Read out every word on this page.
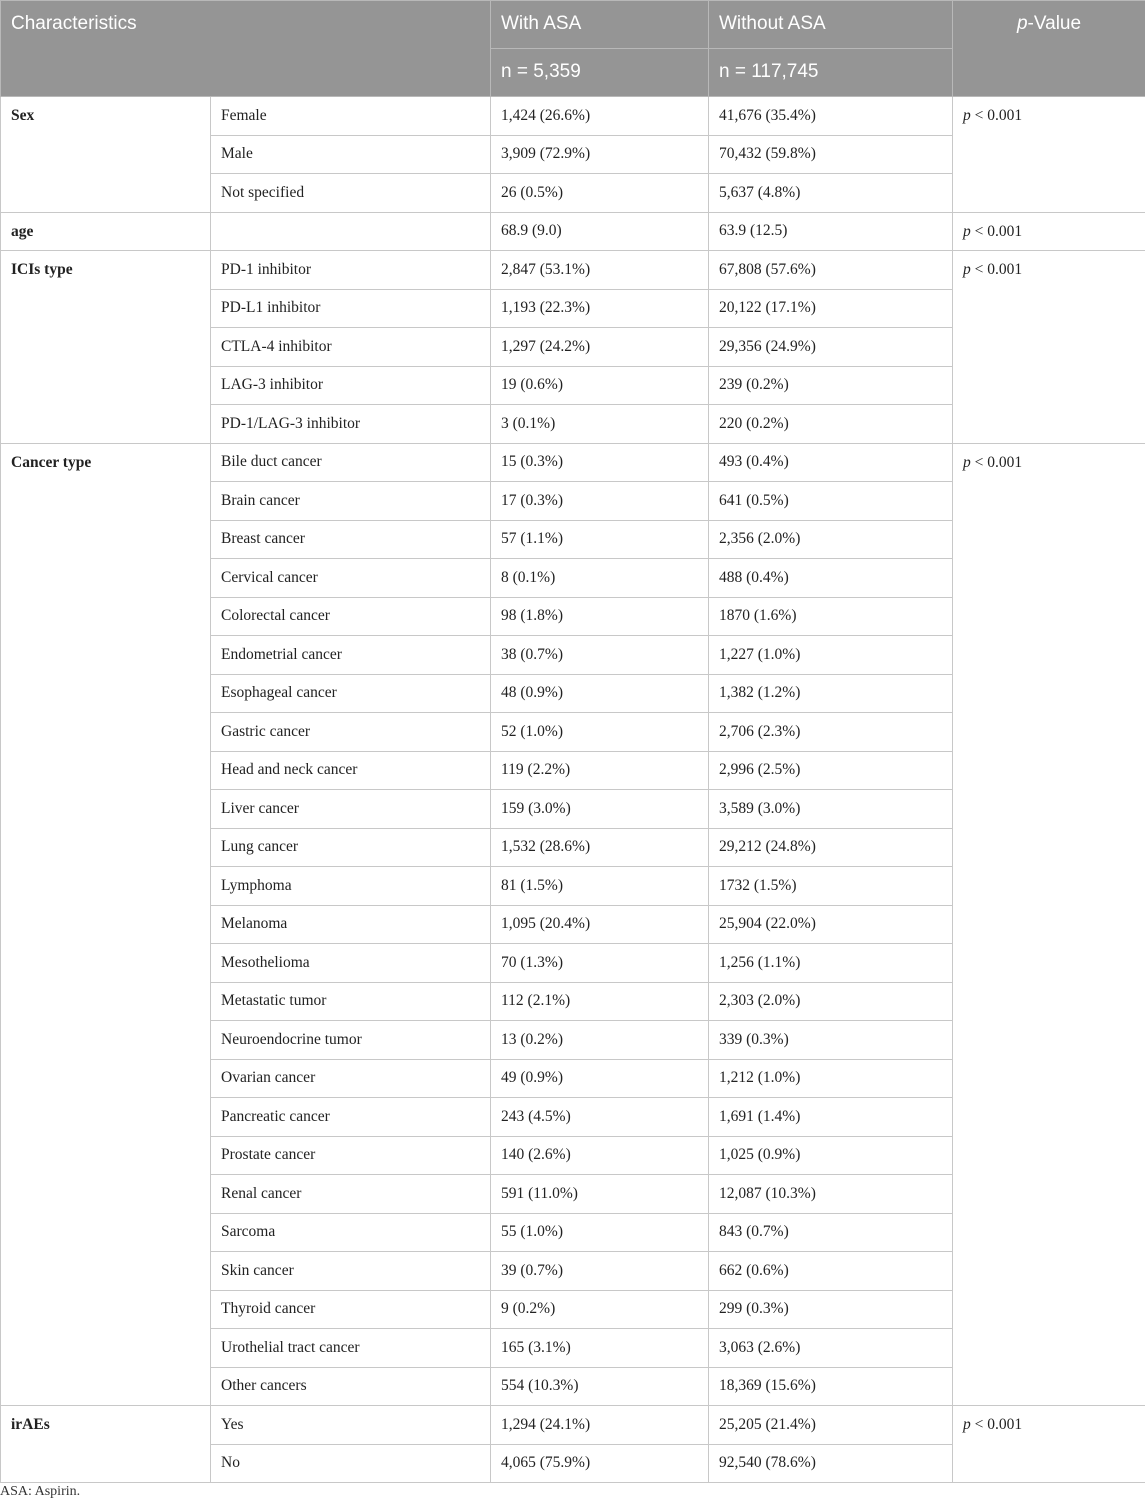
Characteristics		With ASA	Without ASA	p-Value
		n = 5,359	n = 117,745	
Sex	Female	1,424 (26.6%)	41,676 (35.4%)	p < 0.001
	Male	3,909 (72.9%)	70,432 (59.8%)	
	Not specified	26 (0.5%)	5,637 (4.8%)	
age		68.9 (9.0)	63.9 (12.5)	p < 0.001
ICIs type	PD-1 inhibitor	2,847 (53.1%)	67,808 (57.6%)	p < 0.001
	PD-L1 inhibitor	1,193 (22.3%)	20,122 (17.1%)	
	CTLA-4 inhibitor	1,297 (24.2%)	29,356 (24.9%)	
	LAG-3 inhibitor	19 (0.6%)	239 (0.2%)	
	PD-1/LAG-3 inhibitor	3 (0.1%)	220 (0.2%)	
Cancer type	Bile duct cancer	15 (0.3%)	493 (0.4%)	p < 0.001
	Brain cancer	17 (0.3%)	641 (0.5%)	
	Breast cancer	57 (1.1%)	2,356 (2.0%)	
	Cervical cancer	8 (0.1%)	488 (0.4%)	
	Colorectal cancer	98 (1.8%)	1870 (1.6%)	
	Endometrial cancer	38 (0.7%)	1,227 (1.0%)	
	Esophageal cancer	48 (0.9%)	1,382 (1.2%)	
	Gastric cancer	52 (1.0%)	2,706 (2.3%)	
	Head and neck cancer	119 (2.2%)	2,996 (2.5%)	
	Liver cancer	159 (3.0%)	3,589 (3.0%)	
	Lung cancer	1,532 (28.6%)	29,212 (24.8%)	
	Lymphoma	81 (1.5%)	1732 (1.5%)	
	Melanoma	1,095 (20.4%)	25,904 (22.0%)	
	Mesothelioma	70 (1.3%)	1,256 (1.1%)	
	Metastatic tumor	112 (2.1%)	2,303 (2.0%)	
	Neuroendocrine tumor	13 (0.2%)	339 (0.3%)	
	Ovarian cancer	49 (0.9%)	1,212 (1.0%)	
	Pancreatic cancer	243 (4.5%)	1,691 (1.4%)	
	Prostate cancer	140 (2.6%)	1,025 (0.9%)	
	Renal cancer	591 (11.0%)	12,087 (10.3%)	
	Sarcoma	55 (1.0%)	843 (0.7%)	
	Skin cancer	39 (0.7%)	662 (0.6%)	
	Thyroid cancer	9 (0.2%)	299 (0.3%)	
	Urothelial tract cancer	165 (3.1%)	3,063 (2.6%)	
	Other cancers	554 (10.3%)	18,369 (15.6%)	
irAEs	Yes	1,294 (24.1%)	25,205 (21.4%)	p < 0.001
	No	4,065 (75.9%)	92,540 (78.6%)	
ASA: Aspirin.
